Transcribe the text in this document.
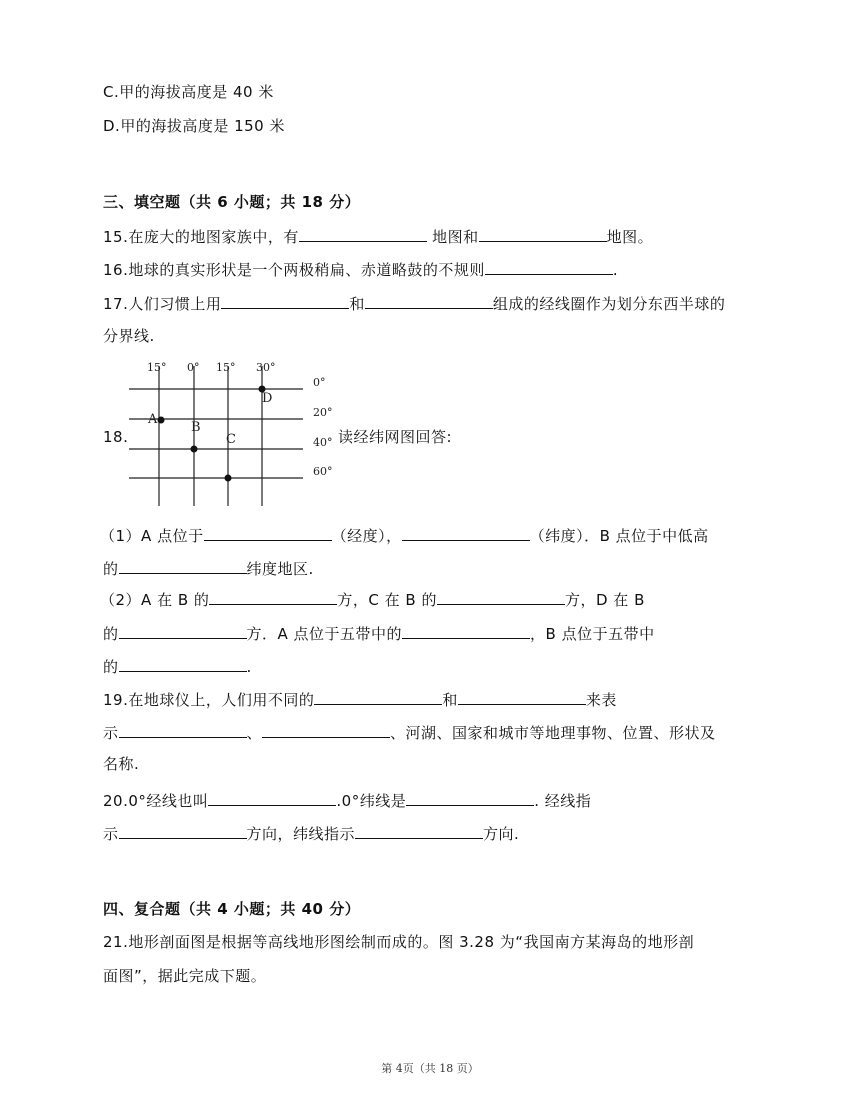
C.甲的海拔高度是 40 米
D.甲的海拔高度是 150 米
三、填空题（共 6 小题；共 18 分）
15.在庞大的地图家族中，有	地图和	地图。
16.地球的真实形状是一个两极稍扁、赤道略鼓的不规则	.
17.人们习惯上用	和	组成的经线圈作为划分东西半球的
分界线.
18.
15° 0° 15° 30°
0°
20°
40°
60°
A
B
C
D
读经纬网图回答:
（1）A 点位于	（经度），	（纬度）．B 点位于中低高
的	纬度地区.
（2）A 在 B 的	方，C 在 B 的	方，D 在 B
的	方．A 点位于五带中的	，B 点位于五带中
的	.
19.在地球仪上，人们用不同的	和	来表
示	、	、河湖、国家和城市等地理事物、位置、形状及
名称.
20.0°经线也叫	.0°纬线是	. 经线指
示	方向，纬线指示	方向.
四、复合题（共 4 小题；共 40 分）
21.地形剖面图是根据等高线地形图绘制而成的。图 3.28 为“我国南方某海岛的地形剖
面图”，据此完成下题。
第 4页（共 18 页）
